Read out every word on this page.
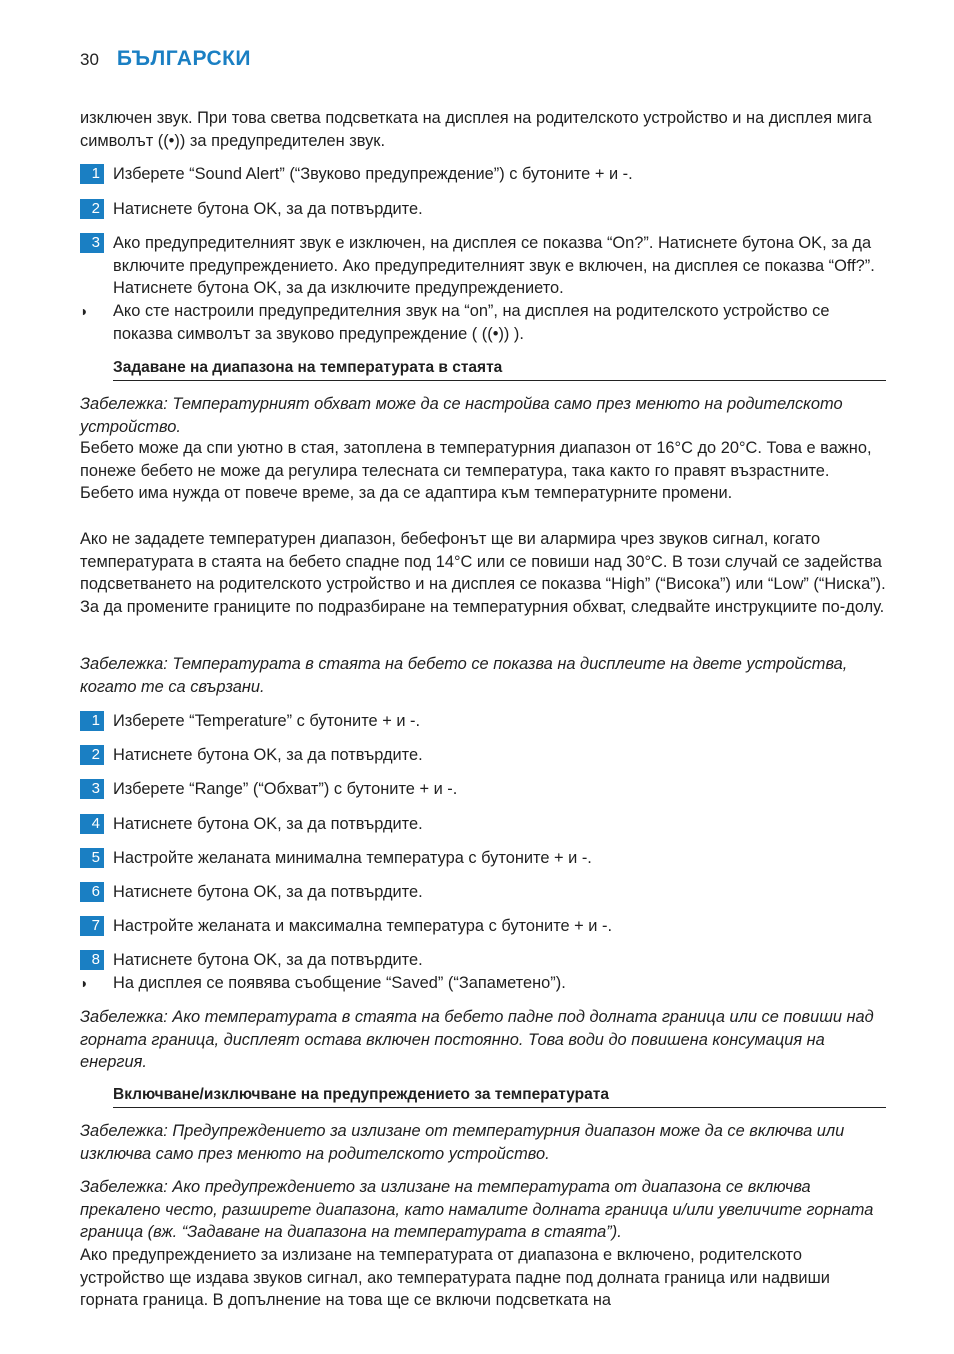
30 БЪЛГАРСКИ
изключен звук. При това светва подсветката на дисплея на родителското устройство и на дисплея мига символът ((•)) за предупредителен звук.
1 Изберете “Sound Alert” (“Звуково предупреждение”) с бутоните + и -.
2 Натиснете бутона OK, за да потвърдите.
3 Ако предупредителният звук е изключен, на дисплея се показва “On?”. Натиснете бутона OK, за да включите предупреждението. Ако предупредителният звук е включен, на дисплея се показва “Off?”. Натиснете бутона OK, за да изключите предупреждението.
◗	Ако сте настроили предупредителния звук на “on”, на дисплея на родителското устройство се показва символът за звуково предупреждение ( ((•)) ).
Задаване на диапазона на температурата в стаята
Забележка: Температурният обхват може да се настройва само през менюто на родителското устройство.
Бебето може да спи уютно в стая, затоплена в температурния диапазон от 16°C до 20°C. Това е важно, понеже бебето не може да регулира телесната си температура, така както го правят възрастните. Бебето има нужда от повече време, за да се адаптира към температурните промени.
Ако не зададете температурен диапазон, бебефонът ще ви алармира чрез звуков сигнал, когато температурата в стаята на бебето спадне под 14°C или се повиши над 30°C. В този случай се задейства подсветването на родителското устройство и на дисплея се показва “High” (“Висока”) или “Low” (“Ниска”). За да промените границите по подразбиране на температурния обхват, следвайте инструкциите по-долу.
Забележка: Температурата в стаята на бебето се показва на дисплеите на двете устройства, когато те са свързани.
1 Изберете “Temperature” с бутоните + и -.
2 Натиснете бутона OK, за да потвърдите.
3 Изберете “Range” (“Обхват”) с бутоните + и -.
4 Натиснете бутона OK, за да потвърдите.
5 Настройте желаната минимална температура с бутоните + и -.
6 Натиснете бутона OK, за да потвърдите.
7 Настройте желаната и максимална температура с бутоните + и -.
8 Натиснете бутона OK, за да потвърдите.
◗	На дисплея се появява съобщение “Saved” (“Запаметено”).
Забележка: Ако температурата в стаята на бебето падне под долната граница или се повиши над горната граница, дисплеят остава включен постоянно. Това води до повишена консумация на енергия.
Включване/изключване на предупреждението за температурата
Забележка: Предупреждението за излизане от температурния диапазон може да се включва или изключва само през менюто на родителското устройство.
Забележка: Ако предупреждението за излизане на температурата от диапазона се включва прекалено често, разширете диапазона, като намалите долната граница и/или увеличите горната граница (вж. “Задаване на диапазона на температурата в стаята”).
Ако предупреждението за излизане на температурата от диапазона е включено, родителското устройство ще издава звуков сигнал, ако температурата падне под долната граница или надвиши горната граница. В допълнение на това ще се включи подсветката на
